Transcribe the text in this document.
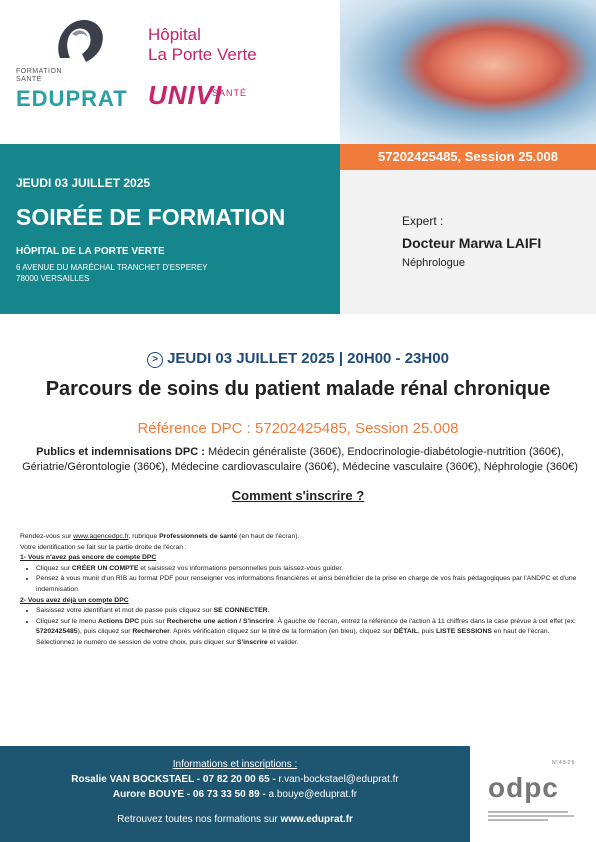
FORMATION
SANTÉ
EDUPRAT
Hôpital
La Porte Verte
UNIVI
SANTÉ
57202425485, Session 25.008
JEUDI 03 JUILLET 2025
SOIRÉE DE FORMATION
HÔPITAL DE LA PORTE VERTE
6 AVENUE DU MARÉCHAL TRANCHET D'ESPEREY
78000 VERSAILLES
Expert :
Docteur Marwa LAIFI
Néphrologue
> JEUDI 03 JUILLET 2025 | 20H00 - 23H00
Parcours de soins du patient malade rénal chronique
Référence DPC : 57202425485, Session 25.008
Publics et indemnisations DPC : Médecin généraliste (360€), Endocrinologie-diabétologie-nutrition (360€), Gériatrie/Gérontologie (360€), Médecine cardiovasculaire (360€), Médecine vasculaire (360€), Néphrologie (360€)
Comment s'inscrire ?

Rendez-vous sur www.agencedpc.fr, rubrique Professionnels de santé (en haut de l'écran).

Votre identification se fait sur la partie droite de l'écran :

1- Vous n'avez pas encore de compte DPC

• Cliquez sur CRÉER UN COMPTE et saisissez vos informations personnelles puis laissez-vous guider.
• Pensez à vous munir d'un RIB au format PDF pour renseigner vos informations financières et ainsi bénéficier de la prise en charge de vos frais pédagogiques par l'ANDPC et d'une indemnisation

2- Vous avez déjà un compte DPC

• Saisissez votre identifiant et mot de passe puis cliquez sur SE CONNECTER.
• Cliquez sur le menu Actions DPC puis sur Recherche une action / S'inscrire. À gauche de l'écran, entrez la référence de l'action à 11 chiffres dans la case prévue à cet effet (ex: 57202425485), puis cliquez sur Rechercher. Après vérification cliquez sur le titre de la formation (en bleu), cliquez sur DÉTAIL, puis LISTE SESSIONS en haut de l'écran. Sélectionnez le numéro de session de votre choix, puis cliquer sur S'inscrire et valider.
Informations et inscriptions :
Rosalie VAN BOCKSTAEL - 07 82 20 00 65 - r.van-bockstael@eduprat.fr
Aurore BOUYE - 06 73 33 50 89 - a.bouye@eduprat.fr
Retrouvez toutes nos formations sur www.eduprat.fr
N° 4 5 2 6
odpc
